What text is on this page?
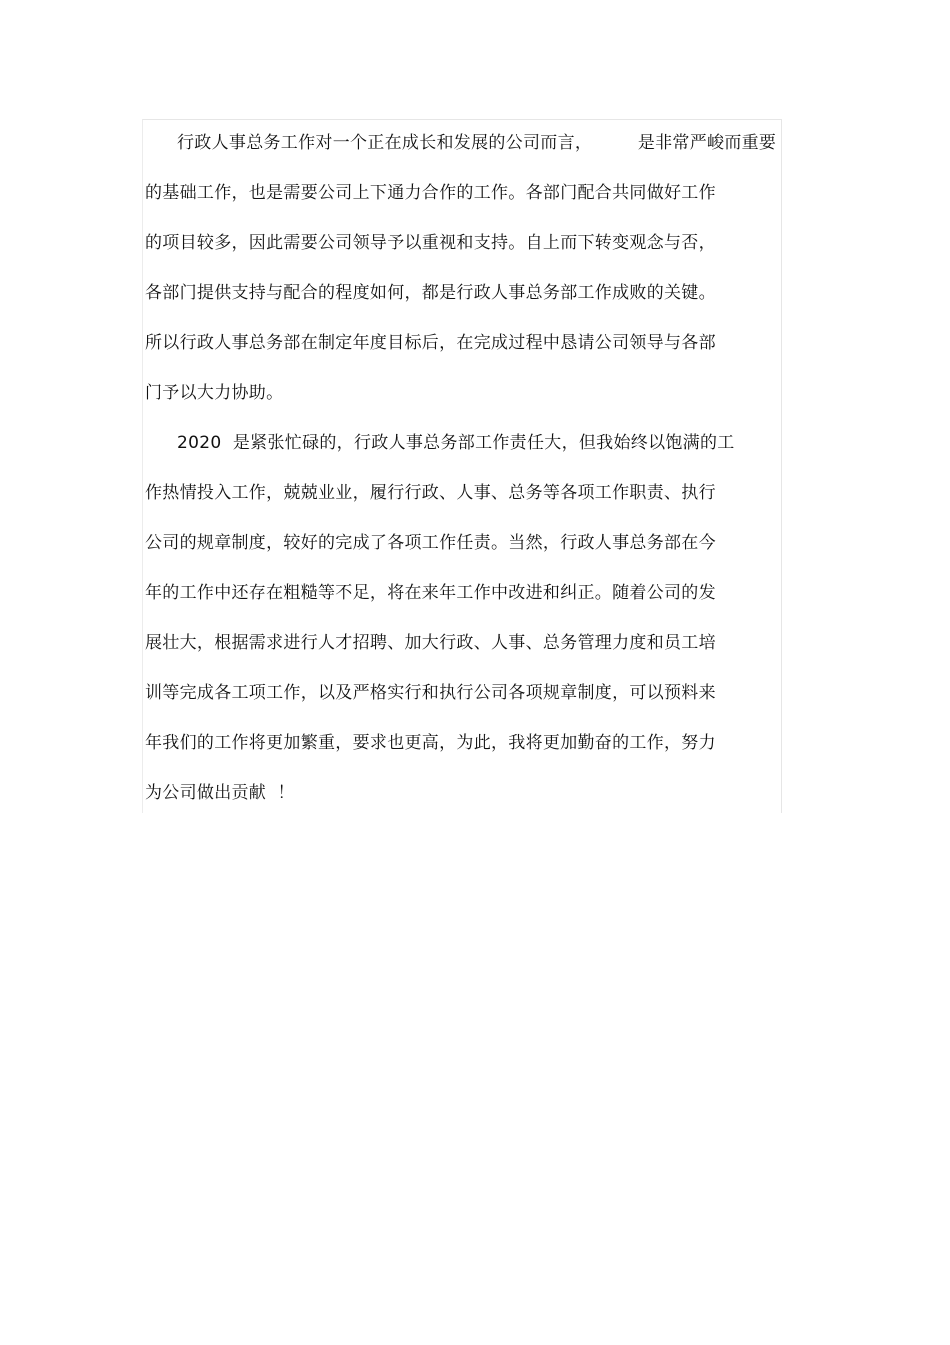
行政人事总务工作对一个正在成长和发展的公司而言，        是非常严峻而重要
的基础工作，也是需要公司上下通力合作的工作。各部门配合共同做好工作
的项目较多，因此需要公司领导予以重视和支持。自上而下转变观念与否，
各部门提供支持与配合的程度如何，都是行政人事总务部工作成败的关键。
所以行政人事总务部在制定年度目标后，在完成过程中恳请公司领导与各部
门予以大力协助。
2020  是紧张忙碌的，行政人事总务部工作责任大，但我始终以饱满的工
作热情投入工作，兢兢业业，履行行政、人事、总务等各项工作职责、执行
公司的规章制度，较好的完成了各项工作任责。当然，行政人事总务部在今
年的工作中还存在粗糙等不足，将在来年工作中改进和纠正。随着公司的发
展壮大，根据需求进行人才招聘、加大行政、人事、总务管理力度和员工培
训等完成各工项工作，以及严格实行和执行公司各项规章制度，可以预料来
年我们的工作将更加繁重，要求也更高，为此，我将更加勤奋的工作，努力
为公司做出贡献  ！
